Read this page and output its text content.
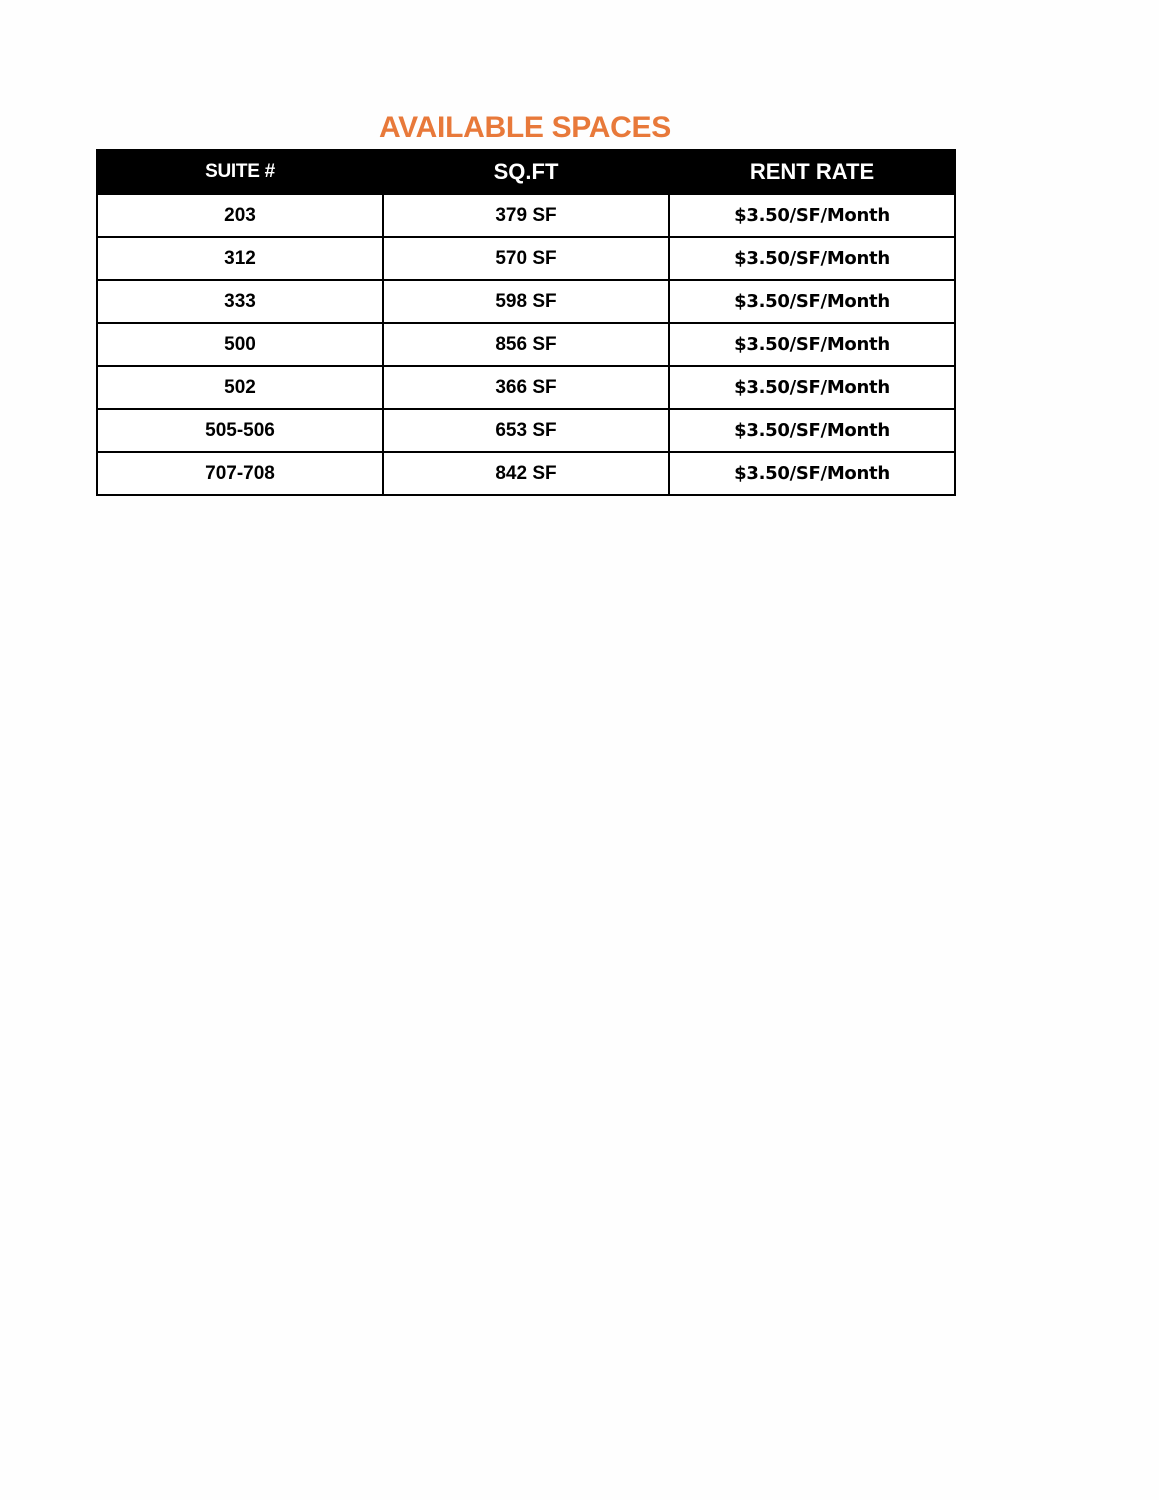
AVAILABLE SPACES
SUITE #	SQ.FT	RENT RATE
203	379 SF	$3.50/SF/Month
312	570 SF	$3.50/SF/Month
333	598 SF	$3.50/SF/Month
500	856 SF	$3.50/SF/Month
502	366 SF	$3.50/SF/Month
505-506	653 SF	$3.50/SF/Month
707-708	842 SF	$3.50/SF/Month
